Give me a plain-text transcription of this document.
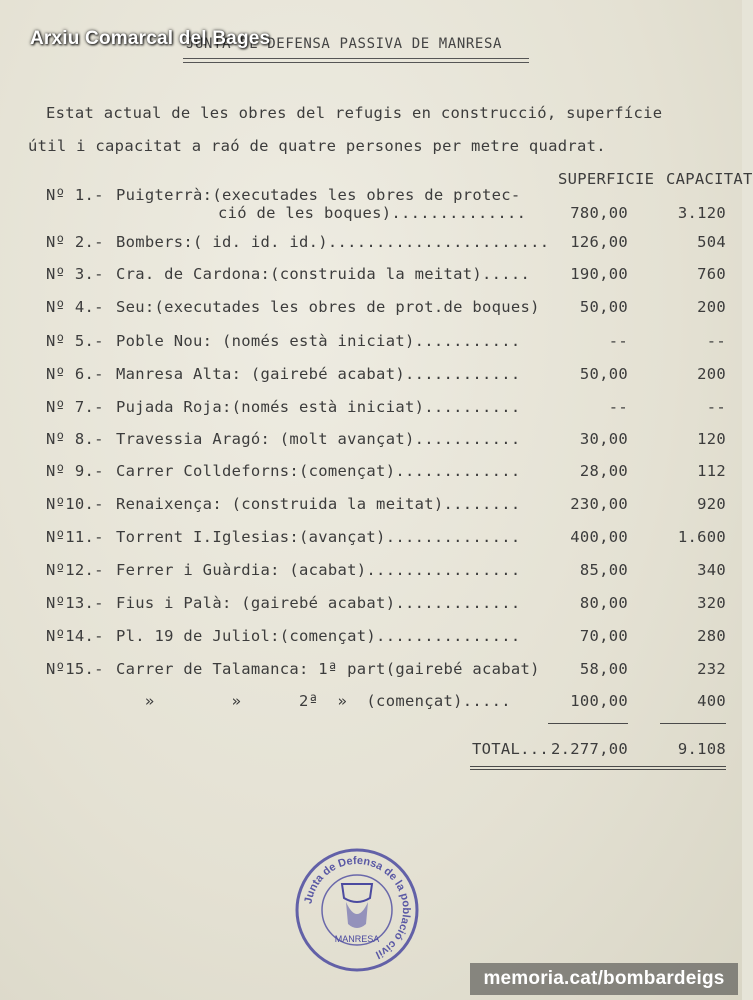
JUNTA DE DEFENSA PASSIVA DE MANRESA
Arxiu Comarcal del Bages
Estat actual de les obres del refugis en construcció, superfície
útil i capacitat a raó de quatre persones per metre quadrat.
SUPERFICIE CAPACITAT
Nº 1.- Puigterrà:(executades les obres de protec-
ció de les boques)..............	780,00	3.120
Nº 2.- Bombers:( id. id. id.).......................	126,00	504
Nº 3.- Cra. de Cardona:(construida la meitat).....	190,00	760
Nº 4.- Seu:(executades les obres de prot.de boques)	50,00	200
Nº 5.- Poble Nou: (només està iniciat)...........	--	--
Nº 6.- Manresa Alta: (gairebé acabat)............	50,00	200
Nº 7.- Pujada Roja:(només està iniciat)..........	--	--
Nº 8.- Travessia Aragó: (molt avançat)...........	30,00	120
Nº 9.- Carrer Colldeforns:(començat).............	28,00	112
Nº10.- Renaixença: (construida la meitat)........	230,00	920
Nº11.- Torrent I.Iglesias:(avançat)..............	400,00	1.600
Nº12.- Ferrer i Guàrdia: (acabat)................	85,00	340
Nº13.- Fius i Palà: (gairebé acabat).............	80,00	320
Nº14.- Pl. 19 de Juliol:(començat)...............	70,00	280
Nº15.- Carrer de Talamanca: 1ª part(gairebé acabat)	58,00	232
»        »      2ª  »  (començat).....	100,00	400
TOTAL... 2.277,00	9.108
Junta de Defensa de la població civil
MANRESA
memoria.cat/bombardeigs
